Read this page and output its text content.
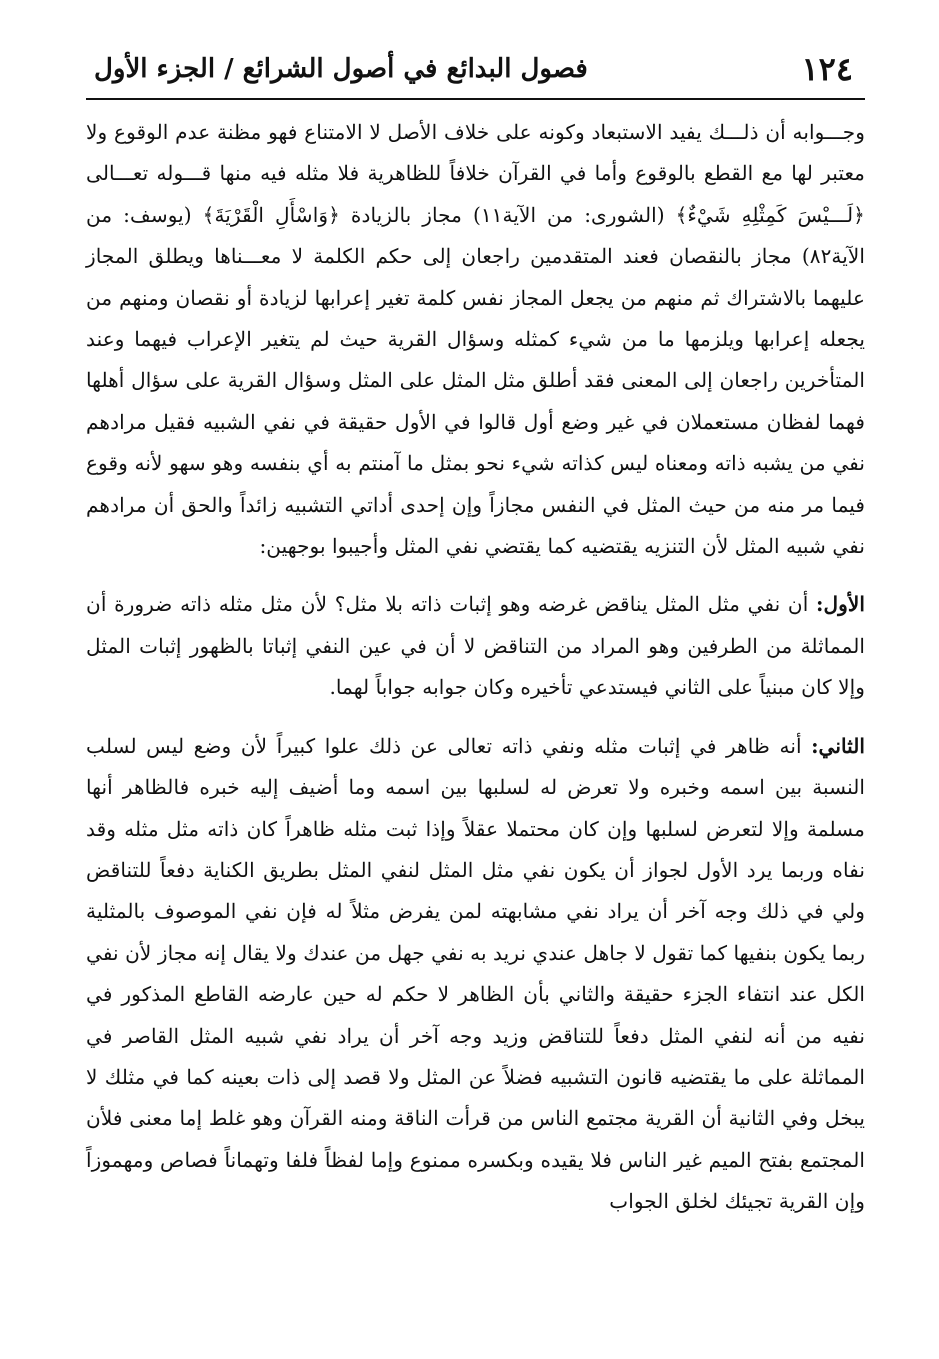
١٢٤
فصول البدائع في أصول الشرائع / الجزء الأول

وجـــوابه أن ذلـــك يفيد الاستبعاد وكونه على خلاف الأصل لا الامتناع فهو مظنة عدم الوقوع ولا معتبر لها مع القطع بالوقوع وأما في القرآن خلافاً للظاهرية فلا مثله فيه منها قـــوله تعـــالى ﴿لَـــيْسَ كَمِثْلِهِ شَيْءٌ﴾ (الشورى: من الآية١١) مجاز بالزيادة ﴿وَاسْأَلِ الْقَرْيَةَ﴾ (يوسف: من الآية٨٢) مجاز بالنقصان فعند المتقدمين راجعان إلى حكم الكلمة لا معـــناها ويطلق المجاز عليهما بالاشتراك ثم منهم من يجعل المجاز نفس كلمة تغير إعرابها لزيادة أو نقصان ومنهم من يجعله إعرابها ويلزمها ما من شيء كمثله وسؤال القرية حيث لم يتغير الإعراب فيهما وعند المتأخرين راجعان إلى المعنى فقد أطلق مثل المثل على المثل وسؤال القرية على سؤال أهلها فهما لفظان مستعملان في غير وضع أول قالوا في الأول حقيقة في نفي الشبيه فقيل مرادهم نفي من يشبه ذاته ومعناه ليس كذاته شيء نحو بمثل ما آمنتم به أي بنفسه وهو سهو لأنه وقوع فيما مر منه من حيث المثل في النفس مجازاً وإن إحدى أداتي التشبيه زائداً والحق أن مرادهم نفي شبيه المثل لأن التنزيه يقتضيه كما يقتضي نفي المثل وأجيبوا بوجهين:

الأول: أن نفي مثل المثل يناقض غرضه وهو إثبات ذاته بلا مثل؟ لأن مثل مثله ذاته ضرورة أن المماثلة من الطرفين وهو المراد من التناقض لا أن في عين النفي إثباتا بالظهور إثبات المثل وإلا كان مبنياً على الثاني فيستدعي تأخيره وكان جوابه جواباً لهما.

الثاني: أنه ظاهر في إثبات مثله ونفي ذاته تعالى عن ذلك علوا كبيراً لأن وضع ليس لسلب النسبة بين اسمه وخبره ولا تعرض له لسلبها بين اسمه وما أضيف إليه خبره فالظاهر أنها مسلمة وإلا لتعرض لسلبها وإن كان محتملا عقلاً وإذا ثبت مثله ظاهراً كان ذاته مثل مثله وقد نفاه وربما يرد الأول لجواز أن يكون نفي مثل المثل لنفي المثل بطريق الكناية دفعاً للتناقض ولي في ذلك وجه آخر أن يراد نفي مشابهته لمن يفرض مثلاً له فإن نفي الموصوف بالمثلية ربما يكون بنفيها كما تقول لا جاهل عندي نريد به نفي جهل من عندك ولا يقال إنه مجاز لأن نفي الكل عند انتفاء الجزء حقيقة والثاني بأن الظاهر لا حكم له حين عارضه القاطع المذكور في نفيه من أنه لنفي المثل دفعاً للتناقض وزيد وجه آخر أن يراد نفي شبيه المثل القاصر في المماثلة على ما يقتضيه قانون التشبيه فضلاً عن المثل ولا قصد إلى ذات بعينه كما في مثلك لا يبخل وفي الثانية أن القرية مجتمع الناس من قرأت الناقة ومنه القرآن وهو غلط إما معنى فلأن المجتمع بفتح الميم غير الناس فلا يقيده وبكسره ممنوع وإما لفظاً فلفا وتهماناً فصاص ومهموزاً وإن القرية تجيئك لخلق الجواب
